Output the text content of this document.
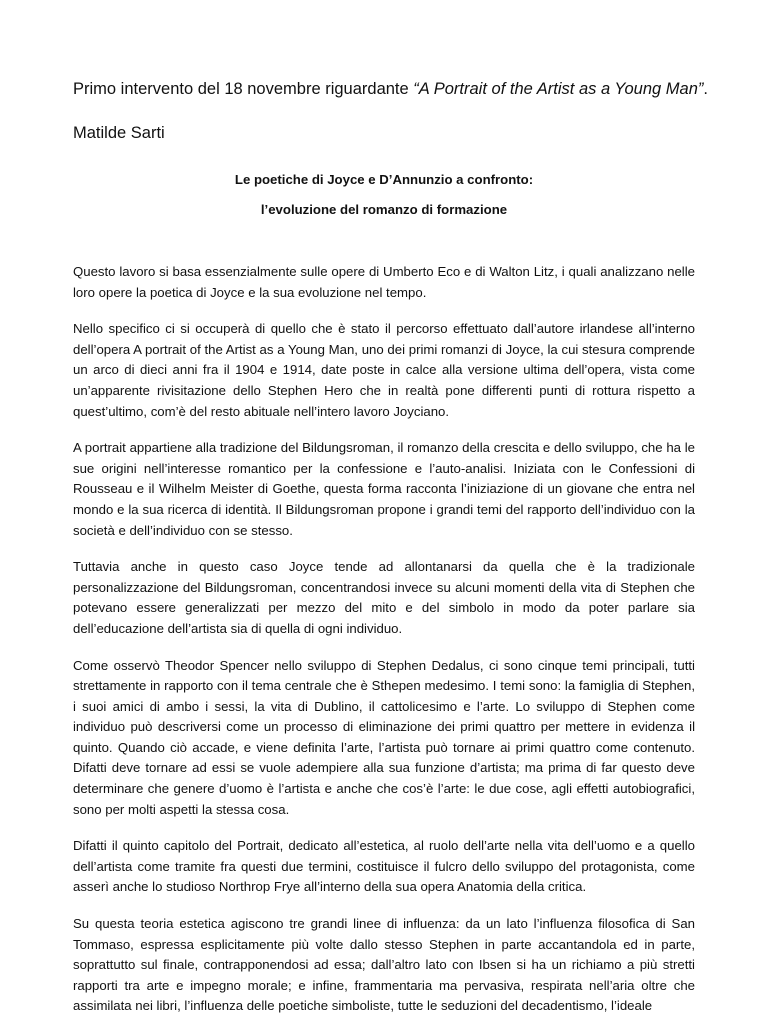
Primo intervento del 18 novembre riguardante “A Portrait of the Artist as a Young Man”.
Matilde Sarti
Le poetiche di Joyce e D’Annunzio a confronto:
l’evoluzione del romanzo di formazione

Questo lavoro si basa essenzialmente sulle opere di Umberto Eco e di Walton Litz, i quali analizzano nelle loro opere la poetica di Joyce e la sua evoluzione nel tempo.

Nello specifico ci si occuperà di quello che è stato il percorso effettuato dall’autore irlandese all’interno dell’opera A portrait of the Artist as a Young Man, uno dei primi romanzi di Joyce, la cui stesura comprende un arco di dieci anni fra il 1904 e 1914, date poste in calce alla versione ultima dell’opera, vista come un’apparente rivisitazione dello Stephen Hero che in realtà pone differenti punti di rottura rispetto a quest’ultimo, com’è del resto abituale nell’intero lavoro Joyciano.

A portrait appartiene alla tradizione del Bildungsroman, il romanzo della crescita e dello sviluppo, che ha le sue origini nell’interesse romantico per la confessione e l’auto-analisi. Iniziata con le Confessioni di Rousseau e il Wilhelm Meister di Goethe, questa forma racconta l’iniziazione di un giovane che entra nel mondo e la sua ricerca di identità. Il Bildungsroman propone i grandi temi del rapporto dell’individuo con la società e dell’individuo con se stesso.

Tuttavia anche in questo caso Joyce tende ad allontanarsi da quella che è la tradizionale personalizzazione del Bildungsroman, concentrandosi invece su alcuni momenti della vita di Stephen che potevano essere generalizzati per mezzo del mito e del simbolo in modo da poter parlare sia dell’educazione dell’artista sia di quella di ogni individuo.

Come osservò Theodor Spencer nello sviluppo di Stephen Dedalus, ci sono cinque temi principali, tutti strettamente in rapporto con il tema centrale che è Sthepen medesimo. I temi sono: la famiglia di Stephen, i suoi amici di ambo i sessi, la vita di Dublino, il cattolicesimo e l’arte. Lo sviluppo di Stephen come individuo può descriversi come un processo di eliminazione dei primi quattro per mettere in evidenza il quinto. Quando ciò accade, e viene definita l’arte, l’artista può tornare ai primi quattro come contenuto. Difatti deve tornare ad essi se vuole adempiere alla sua funzione d’artista; ma prima di far questo deve determinare che genere d’uomo è l’artista e anche che cos’è l’arte: le due cose, agli effetti autobiografici, sono per molti aspetti la stessa cosa.

Difatti il quinto capitolo del Portrait, dedicato all’estetica, al ruolo dell’arte nella vita dell’uomo e a quello dell’artista come tramite fra questi due termini, costituisce il fulcro dello sviluppo del protagonista, come asserì anche lo studioso Northrop Frye all’interno della sua opera Anatomia della critica.

Su questa teoria estetica agiscono tre grandi linee di influenza: da un lato l’influenza filosofica di San Tommaso, espressa esplicitamente più volte dallo stesso Stephen in parte accantandola ed in parte, soprattutto sul finale, contrapponendosi ad essa; dall’altro lato con Ibsen si ha un richiamo a più stretti rapporti tra arte e impegno morale; e infine, frammentaria ma pervasiva, respirata nell’aria oltre che assimilata nei libri, l’influenza delle poetiche simboliste, tutte le seduzioni del decadentismo, l’ideale
